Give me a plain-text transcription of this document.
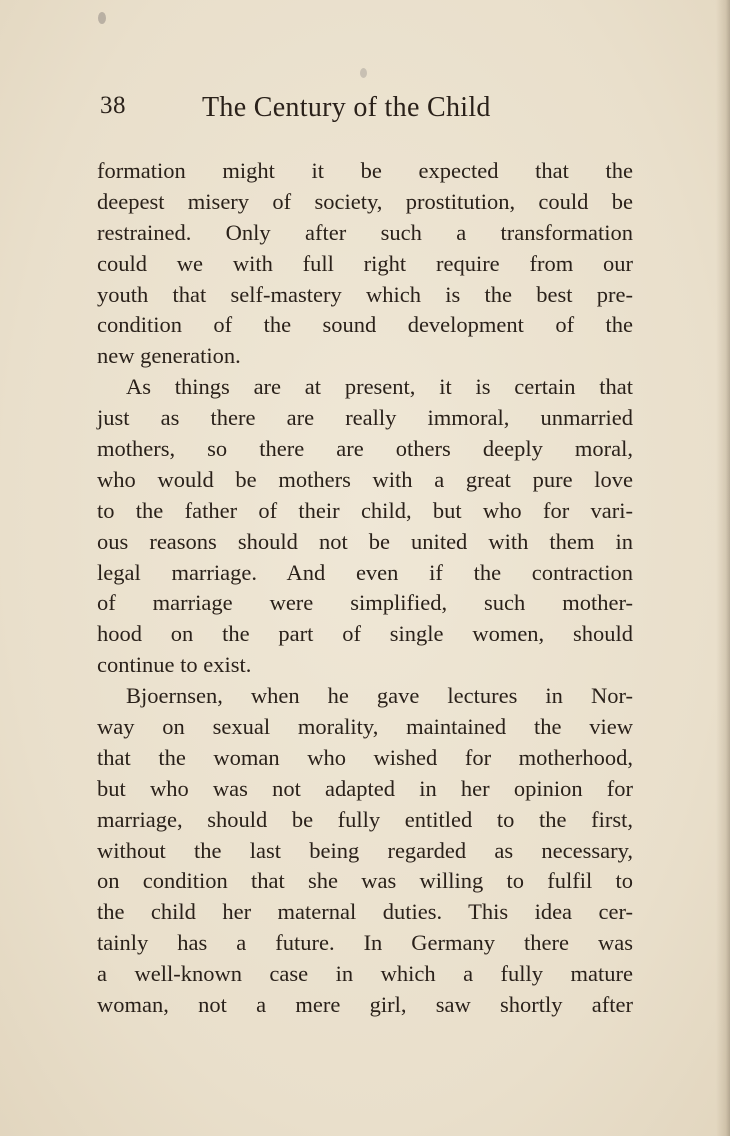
38	The Century of the Child
formation might it be expected that the
deepest misery of society, prostitution, could be
restrained. Only after such a transformation
could we with full right require from our
youth that self-mastery which is the best pre-
condition of the sound development of the
new generation.
As things are at present, it is certain that
just as there are really immoral, unmarried
mothers, so there are others deeply moral,
who would be mothers with a great pure love
to the father of their child, but who for vari-
ous reasons should not be united with them in
legal marriage. And even if the contraction
of marriage were simplified, such mother-
hood on the part of single women, should
continue to exist.
Bjoernsen, when he gave lectures in Nor-
way on sexual morality, maintained the view
that the woman who wished for motherhood,
but who was not adapted in her opinion for
marriage, should be fully entitled to the first,
without the last being regarded as necessary,
on condition that she was willing to fulfil to
the child her maternal duties. This idea cer-
tainly has a future. In Germany there was
a well-known case in which a fully mature
woman, not a mere girl, saw shortly after
